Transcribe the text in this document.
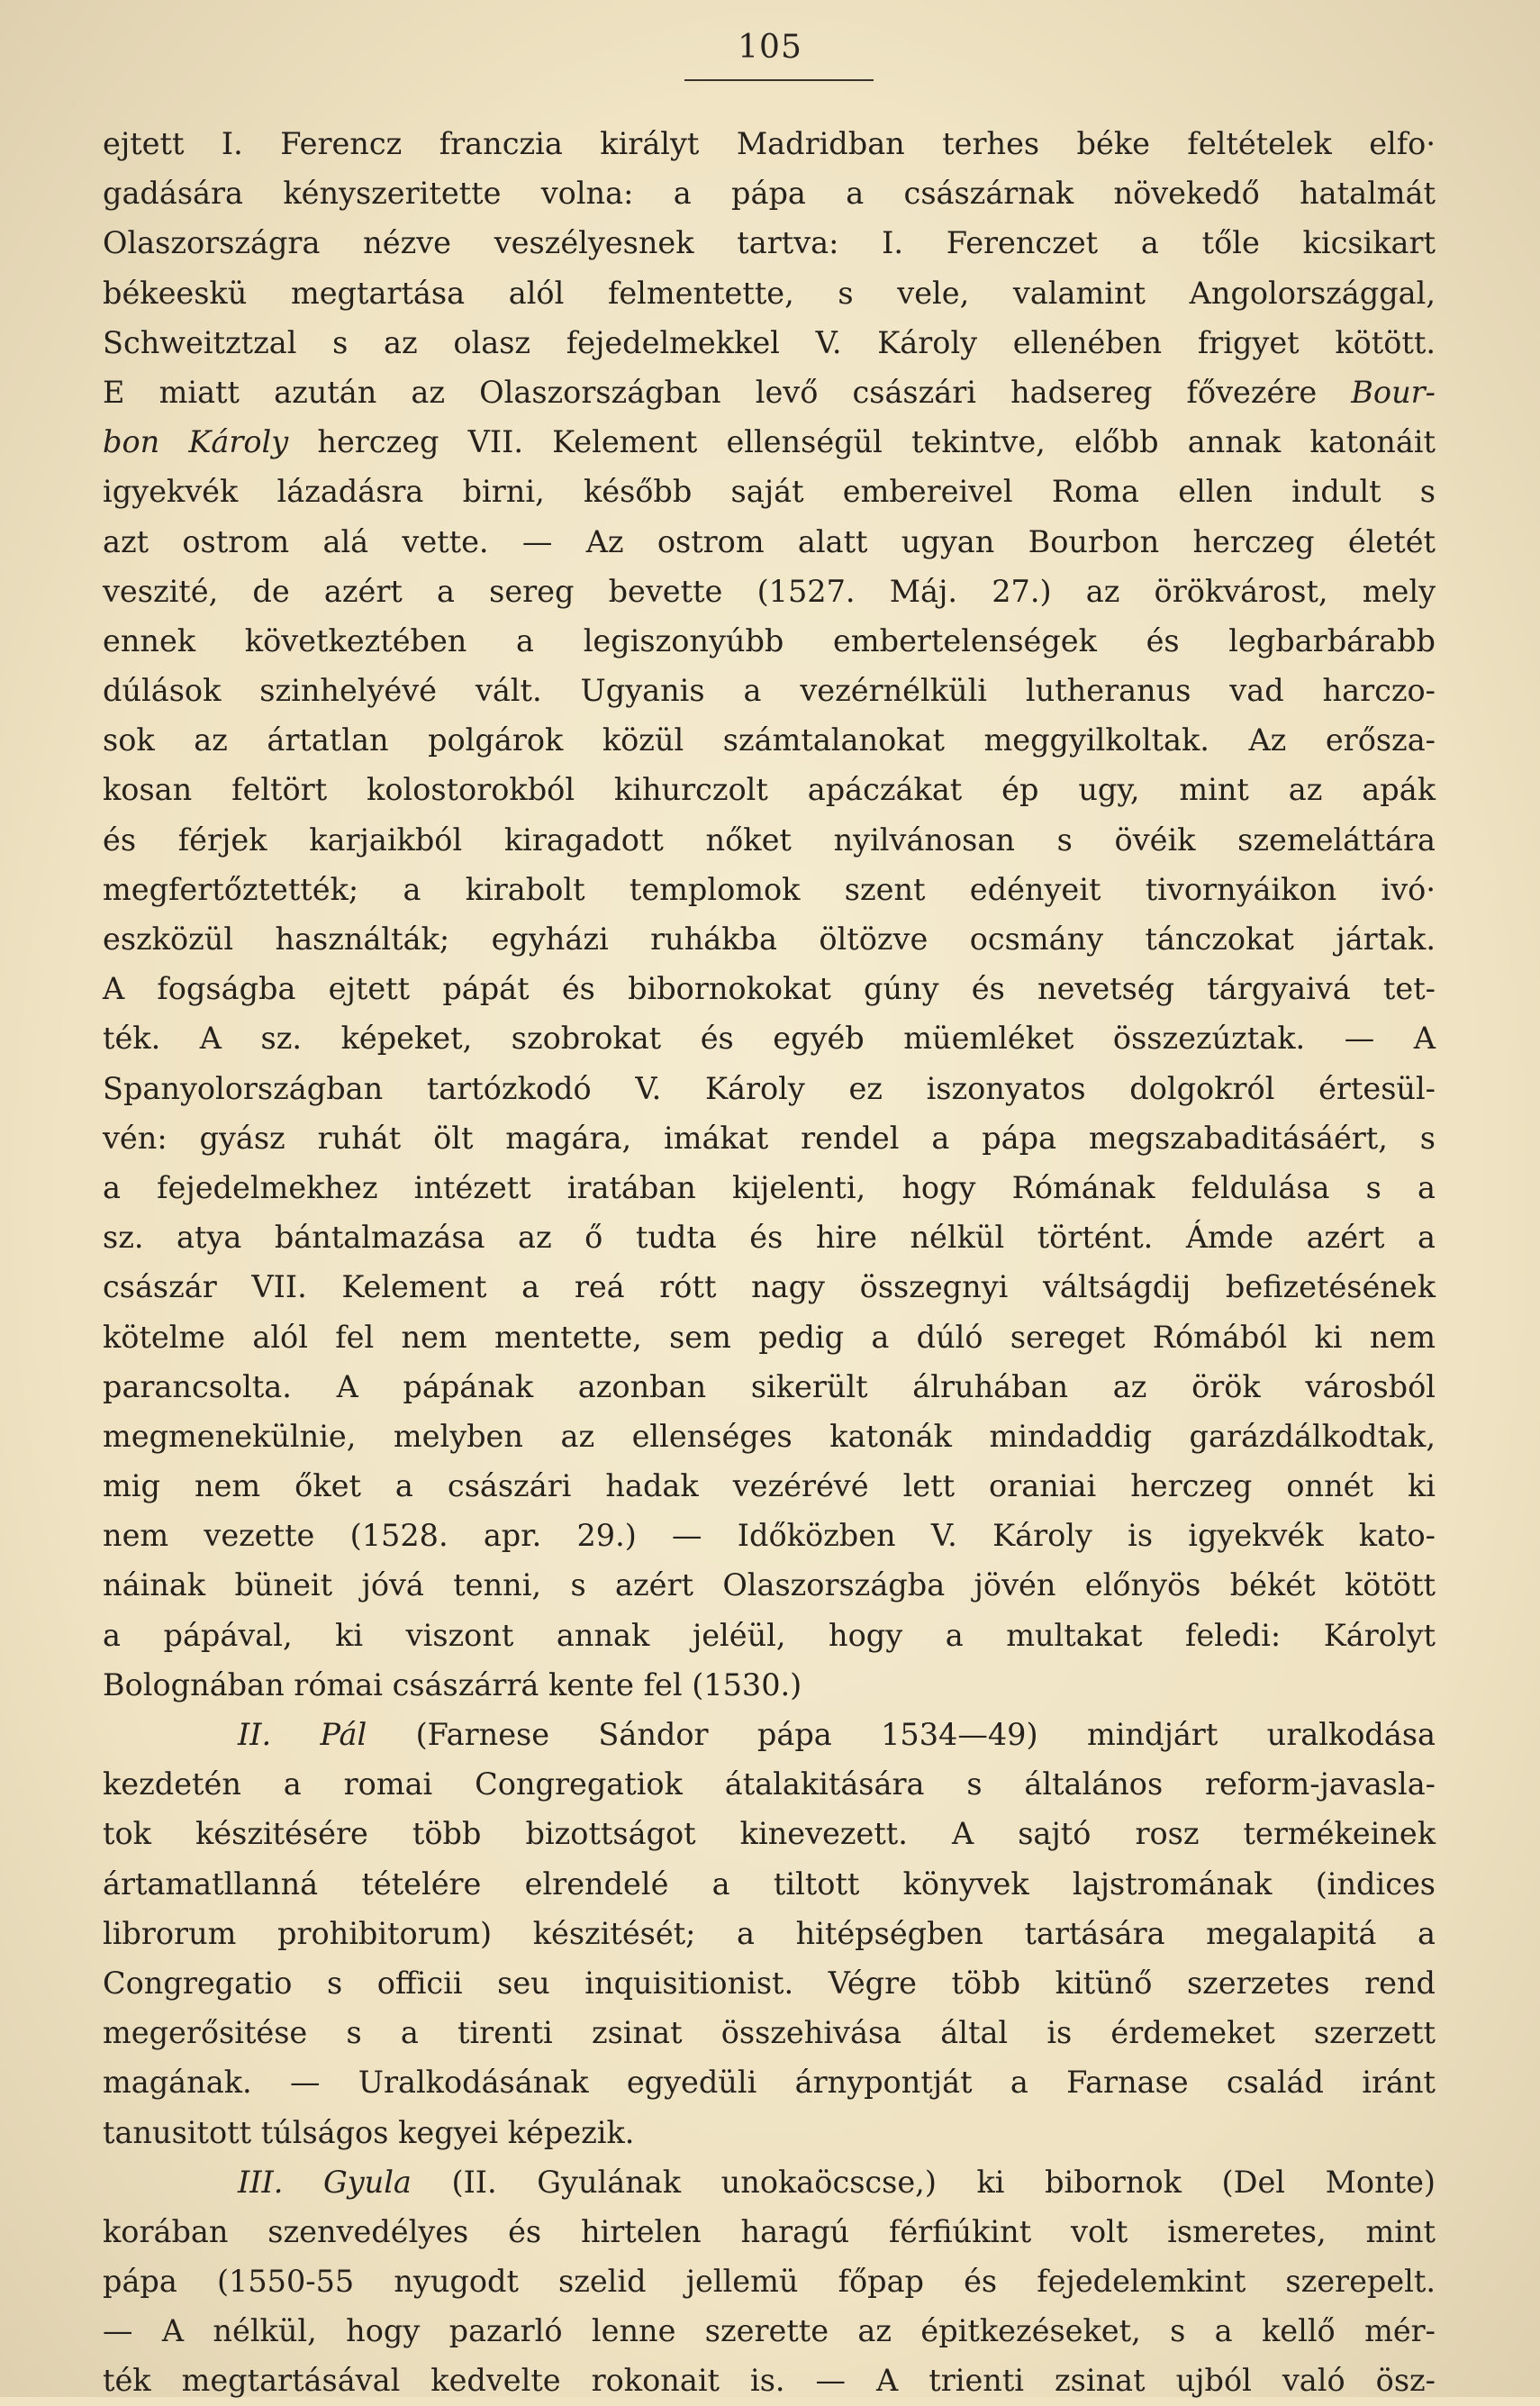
105
ejtett I. Ferencz franczia királyt Madridban terhes béke feltételek elfo·
gadására kényszeritette volna: a pápa a császárnak növekedő hatalmát
Olaszországra nézve veszélyesnek tartva: I. Ferenczet a tőle kicsikart
békeeskü megtartása alól felmentette, s vele, valamint Angolországgal,
Schweitztzal s az olasz fejedelmekkel V. Károly ellenében frigyet kötött.
E miatt azután az Olaszországban levő császári hadsereg fővezére Bour-
bon Károly herczeg VII. Kelement ellenségül tekintve, előbb annak katonáit
igyekvék lázadásra birni, később saját embereivel Roma ellen indult s
azt ostrom alá vette. — Az ostrom alatt ugyan Bourbon herczeg életét
veszité, de azért a sereg bevette (1527. Máj. 27.) az örökvárost, mely
ennek következtében a legiszonyúbb embertelenségek és legbarbárabb
dúlások szinhelyévé vált. Ugyanis a vezérnélküli lutheranus vad harczo-
sok az ártatlan polgárok közül számtalanokat meggyilkoltak. Az erősza-
kosan feltört kolostorokból kihurczolt apáczákat ép ugy, mint az apák
és férjek karjaikból kiragadott nőket nyilvánosan s övéik szemeláttára
megfertőztették; a kirabolt templomok szent edényeit tivornyáikon ivó·
eszközül használták; egyházi ruhákba öltözve ocsmány tánczokat jártak.
A fogságba ejtett pápát és bibornokokat gúny és nevetség tárgyaivá tet-
ték. A sz. képeket, szobrokat és egyéb müemléket összezúztak. — A
Spanyolországban tartózkodó V. Károly ez iszonyatos dolgokról értesül-
vén: gyász ruhát ölt magára, imákat rendel a pápa megszabaditásáért, s
a fejedelmekhez intézett iratában kijelenti, hogy Rómának feldulása s a
sz. atya bántalmazása az ő tudta és hire nélkül történt. Ámde azért a
császár VII. Kelement a reá rótt nagy összegnyi váltságdij befizetésének
kötelme alól fel nem mentette, sem pedig a dúló sereget Rómából ki nem
parancsolta. A pápának azonban sikerült álruhában az örök városból
megmenekülnie, melyben az ellenséges katonák mindaddig garázdálkodtak,
mig nem őket a császári hadak vezérévé lett oraniai herczeg onnét ki
nem vezette (1528. apr. 29.) — Időközben V. Károly is igyekvék kato-
náinak büneit jóvá tenni, s azért Olaszországba jövén előnyös békét kötött
a pápával, ki viszont annak jeléül, hogy a multakat feledi: Károlyt
Bolognában római császárrá kente fel (1530.)
II. Pál (Farnese Sándor pápa 1534—49) mindjárt uralkodása
kezdetén a romai Congregatiok átalakitására s általános reform-javasla-
tok készitésére több bizottságot kinevezett. A sajtó rosz termékeinek
ártamatllanná tételére elrendelé a tiltott könyvek lajstromának (indices
librorum prohibitorum) készitését; a hitépségben tartására megalapitá a
Congregatio s officii seu inquisitionist. Végre több kitünő szerzetes rend
megerősitése s a tirenti zsinat összehivása által is érdemeket szerzett
magának. — Uralkodásának egyedüli árnypontját a Farnase család iránt
tanusitott túlságos kegyei képezik.
III. Gyula (II. Gyulának unokaöcscse,) ki bibornok (Del Monte)
korában szenvedélyes és hirtelen haragú férfiúkint volt ismeretes, mint
pápa (1550-55 nyugodt szelid jellemü főpap és fejedelemkint szerepelt.
— A nélkül, hogy pazarló lenne szerette az épitkezéseket, s a kellő mér-
ték megtartásával kedvelte rokonait is. — A trienti zsinat ujból való ösz-
